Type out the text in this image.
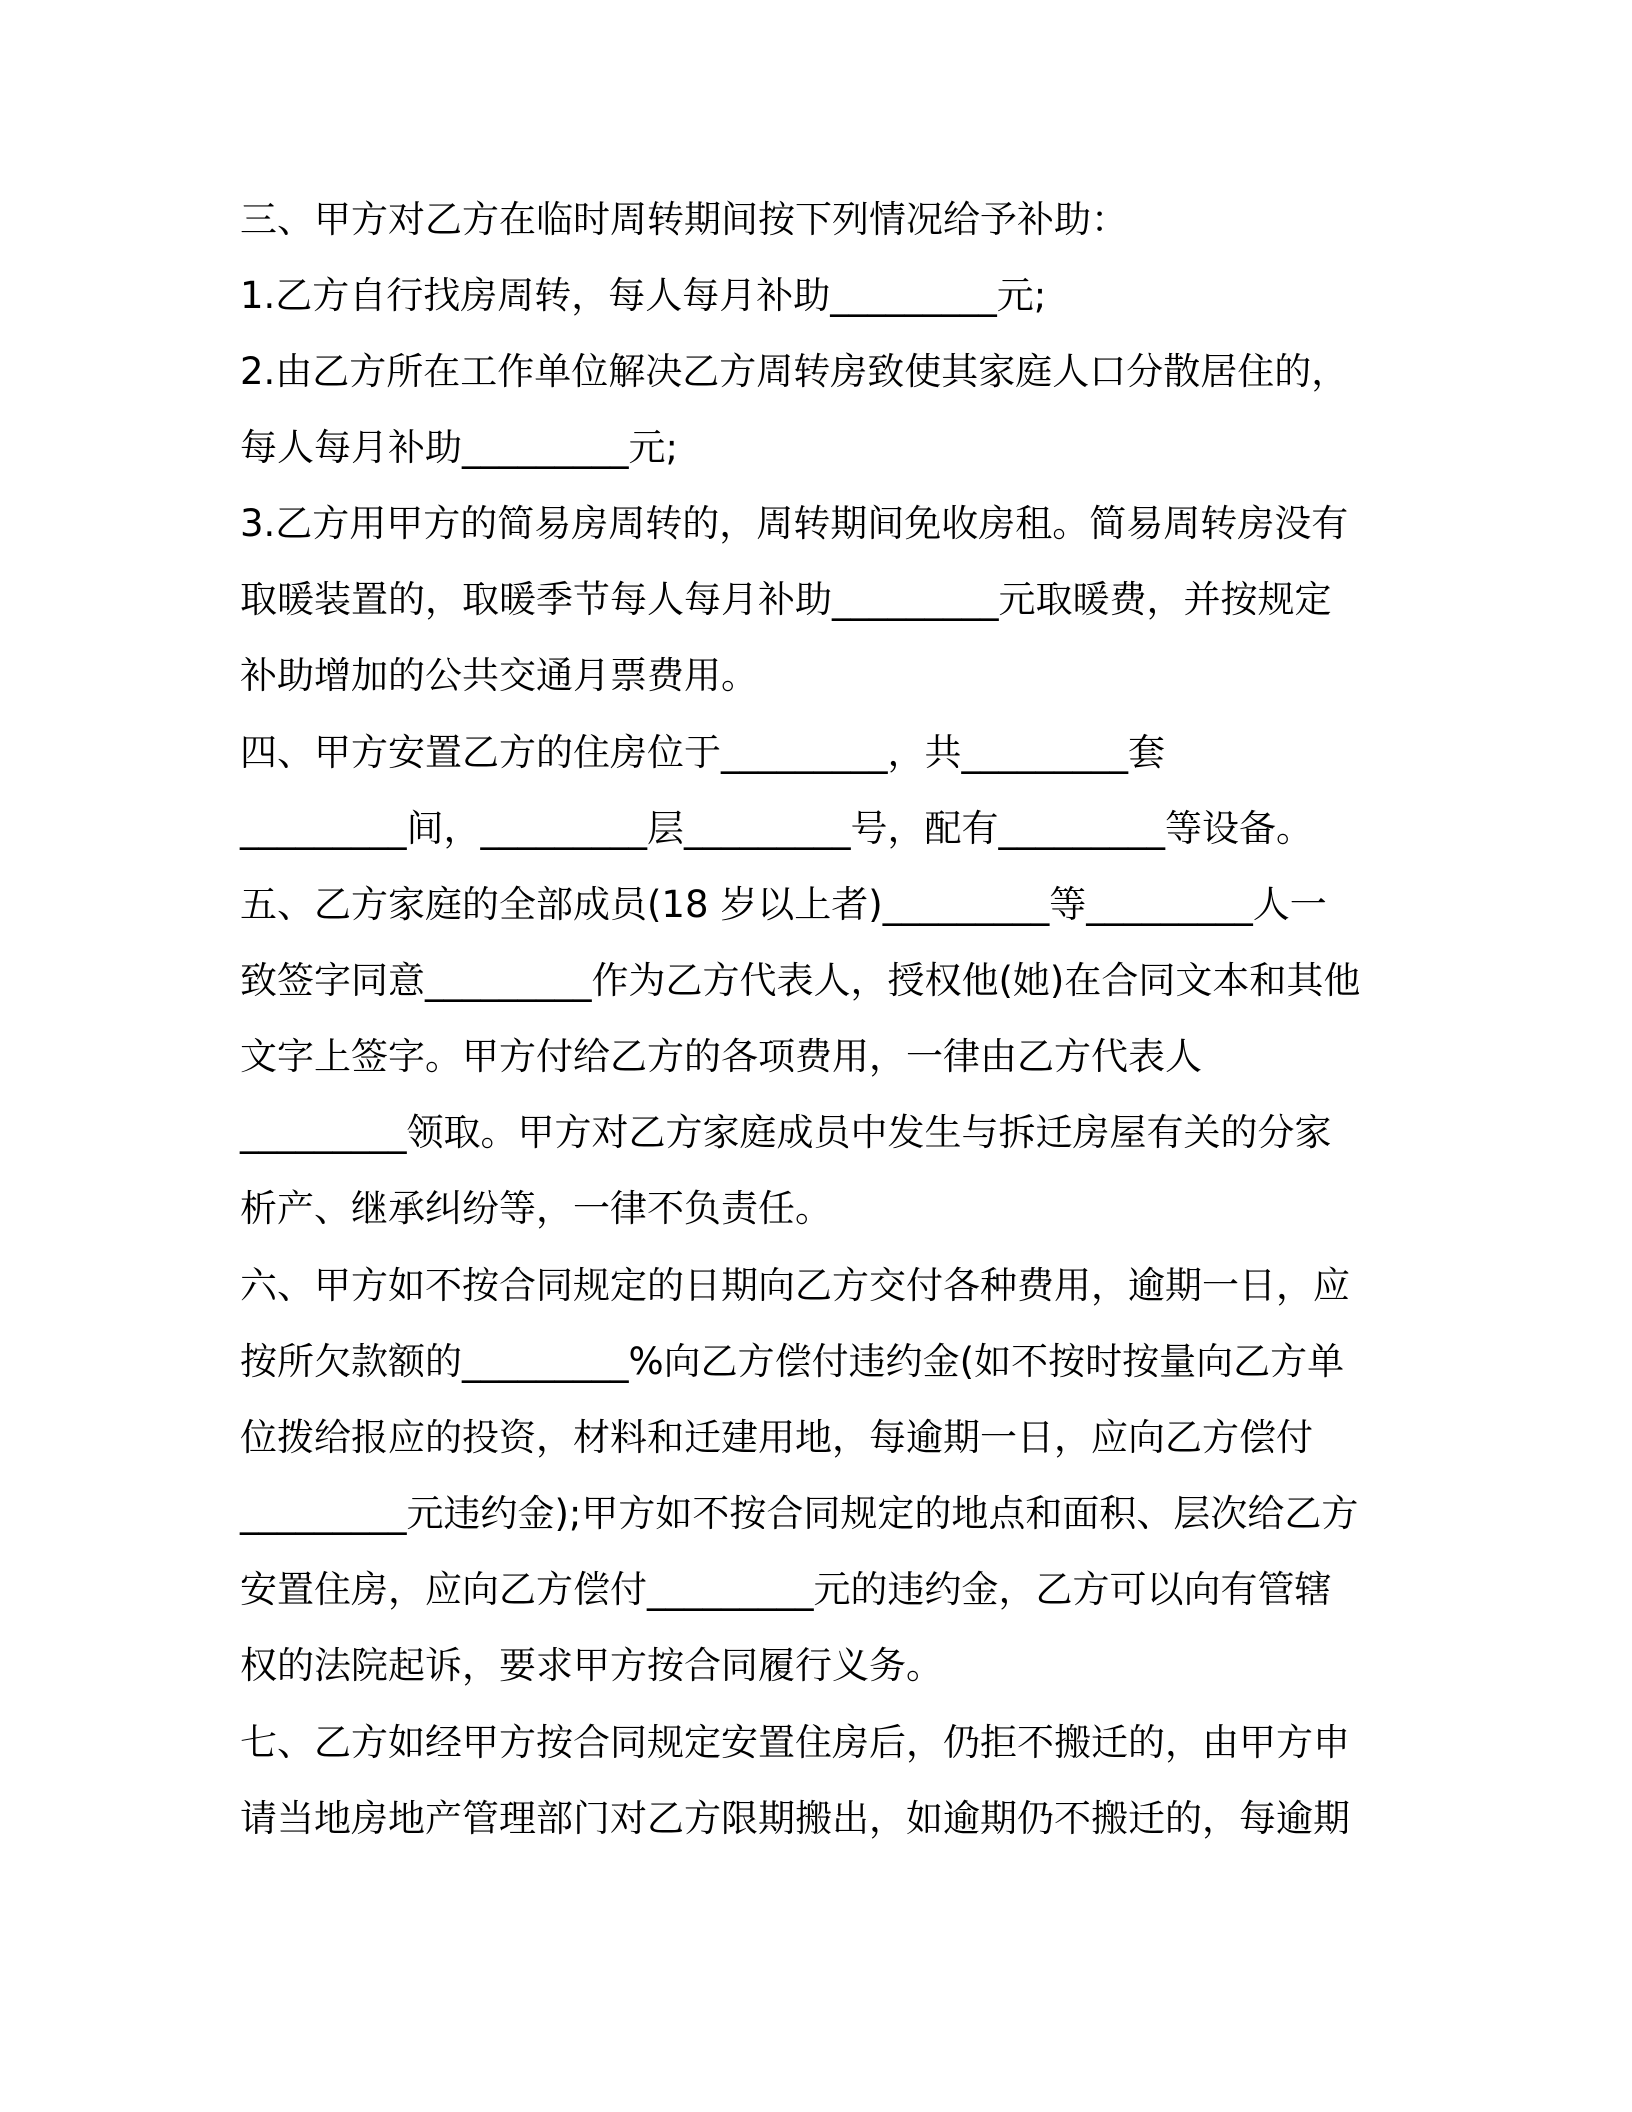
三、甲方对乙方在临时周转期间按下列情况给予补助：

1.乙方自行找房周转，每人每月补助_________元;

2.由乙方所在工作单位解决乙方周转房致使其家庭人口分散居住的，

每人每月补助_________元;

3.乙方用甲方的简易房周转的，周转期间免收房租。简易周转房没有

取暖装置的，取暖季节每人每月补助_________元取暖费，并按规定

补助增加的公共交通月票费用。

四、甲方安置乙方的住房位于_________，共_________套

_________间，_________层_________号，配有_________等设备。

五、乙方家庭的全部成员(18 岁以上者)_________等_________人一

致签字同意_________作为乙方代表人，授权他(她)在合同文本和其他

文字上签字。甲方付给乙方的各项费用，一律由乙方代表人

_________领取。甲方对乙方家庭成员中发生与拆迁房屋有关的分家

析产、继承纠纷等，一律不负责任。

六、甲方如不按合同规定的日期向乙方交付各种费用，逾期一日，应

按所欠款额的_________%向乙方偿付违约金(如不按时按量向乙方单

位拨给报应的投资，材料和迁建用地，每逾期一日，应向乙方偿付

_________元违约金);甲方如不按合同规定的地点和面积、层次给乙方

安置住房，应向乙方偿付_________元的违约金，乙方可以向有管辖

权的法院起诉，要求甲方按合同履行义务。

七、乙方如经甲方按合同规定安置住房后，仍拒不搬迁的，由甲方申

请当地房地产管理部门对乙方限期搬出，如逾期仍不搬迁的，每逾期
